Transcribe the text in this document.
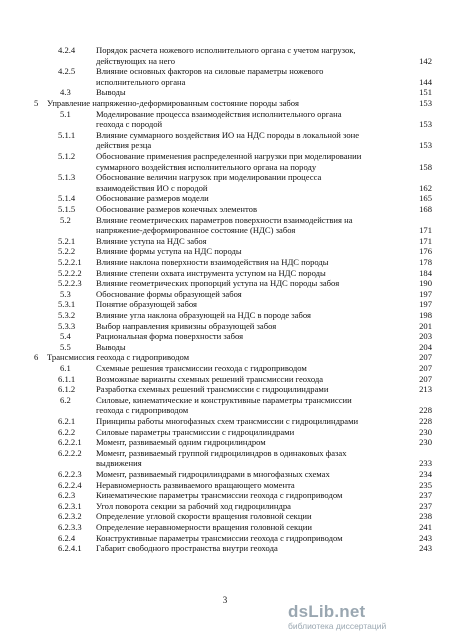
4.2.4 Порядок расчета ножевого исполнительного органа с учетом нагрузок,
действующих на него	142
4.2.5 Влияние основных факторов на силовые параметры ножевого
исполнительного органа	144
4.3	Выводы	151
5 Управление напряженно-деформированным состояние породы забоя	153
5.1	Моделирование процесса взаимодействия исполнительного органа
геохода с породой	153
5.1.1 Влияние суммарного воздействия ИО на НДС породы в локальной зоне
действия резца	153
5.1.2 Обоснование применения распределенной нагрузки при моделировании
суммарного воздействия исполнительного органа на породу	158
5.1.3 Обоснование величин нагрузок при моделировании процесса
взаимодействия ИО с породой	162
5.1.4 Обоснование размеров модели	165
5.1.5 Обоснование размеров конечных элементов	168
5.2	Влияние геометрических параметров поверхности взаимодействия на
напряжение-деформированное состояние (НДС) забоя	171
5.2.1 Влияние уступа на НДС забоя	171
5.2.2 Влияние формы уступа на НДС породы	176
5.2.2.1 Влияние наклона поверхности взаимодействия на НДС породы	178
5.2.2.2 Влияние степени охвата инструмента уступом на НДС породы	184
5.2.2.3 Влияние геометрических пропорций уступа на НДС породы забоя	190
5.3	Обоснование формы образующей забоя	197
5.3.1 Понятие образующей забоя	197
5.3.2 Влияние угла наклона образующей на НДС в породе забоя	198
5.3.3 Выбор направления кривизны образующей забоя	201
5.4	Рациональная форма поверхности забоя	203
5.5	Выводы	204
6 Трансмиссия геохода с гидроприводом	207
6.1	Схемные решения трансмиссии геохода с гидроприводом	207
6.1.1 Возможные варианты схемных решений трансмиссии геохода	207
6.1.2 Разработка схемных решений трансмиссии с гидроцилиндрами	213
6.2	Силовые, кинематические и конструктивные параметры трансмиссии
геохода с гидроприводом	228
6.2.1 Принципы работы многофазных схем трансмиссии с гидроцилиндрами	228
6.2.2 Силовые параметры трансмиссии с гидроцилиндрами	230
6.2.2.1 Момент, развиваемый одним гидроцилиндром	230
6.2.2.2 Момент, развиваемый группой гидроцилиндров в одинаковых фазах
выдвижения	233
6.2.2.3 Момент, развиваемый гидроцилиндрами в многофазных схемах	234
6.2.2.4 Неравномерность развиваемого вращающего момента	235
6.2.3 Кинематические параметры трансмиссии геохода с гидроприводом	237
6.2.3.1 Угол поворота секции за рабочий ход гидроцилиндра	237
6.2.3.2 Определение угловой скорости вращения головной секции	238
6.2.3.3 Определение неравномерности вращения головной секции	241
6.2.4 Конструктивные параметры трансмиссии геохода с гидроприводом	243
6.2.4.1 Габарит свободного пространства внутри геохода	243
3
dsLib.net
библиотека диссертаций
